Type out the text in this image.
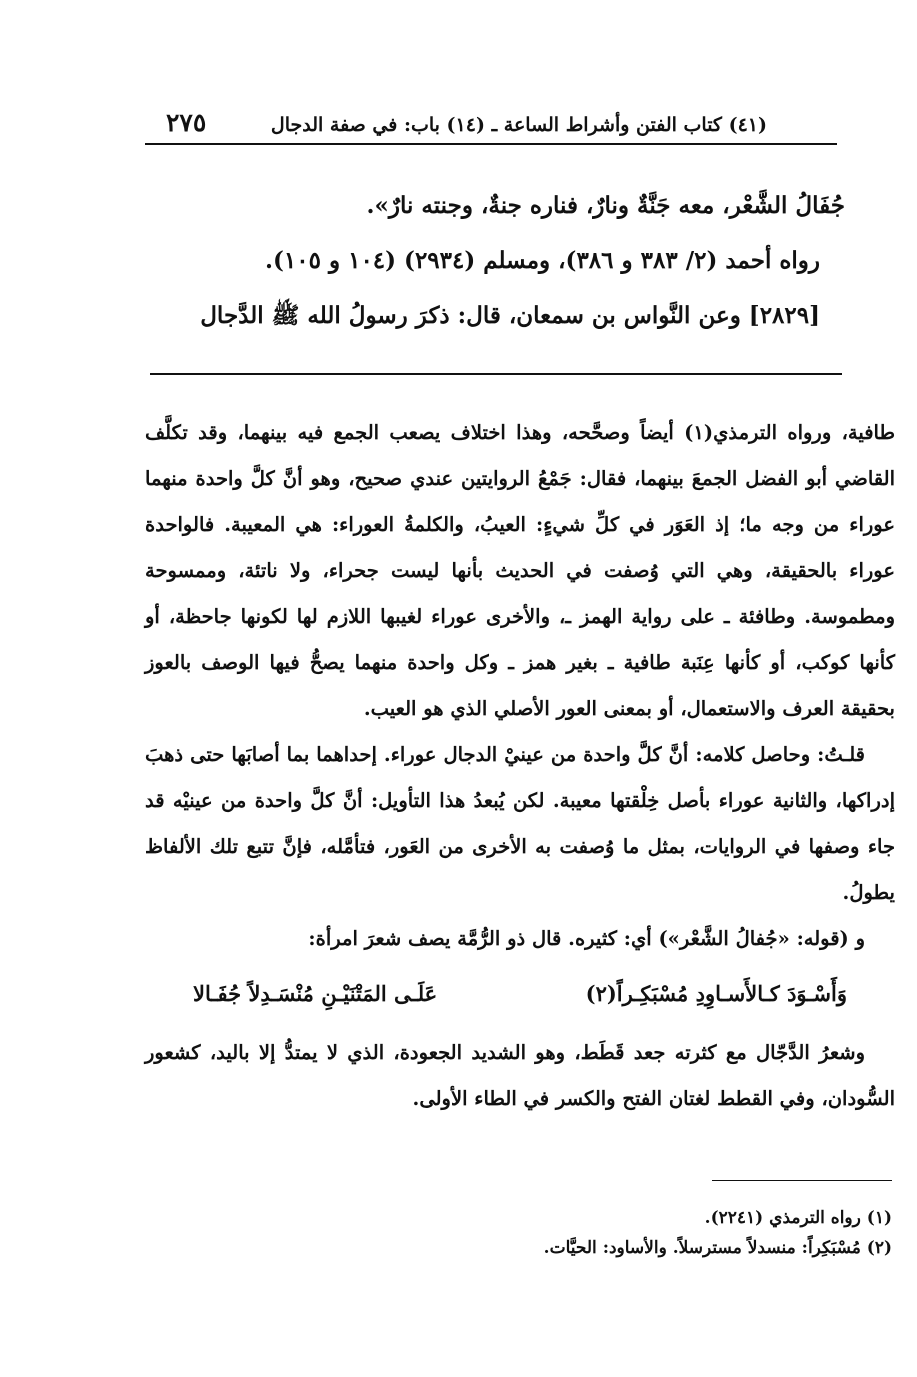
(٤١) كتاب الفتن وأشراط الساعة ـ (١٤) باب: في صفة الدجال
٢٧٥

جُفَالُ الشَّعْر، معه جَنَّةٌ ونارٌ، فناره جنةٌ، وجنته نارٌ».

رواه أحمد (٢/ ٣٨٣ و ٣٨٦)، ومسلم (٢٩٣٤) (١٠٤ و ١٠٥).

[٢٨٢٩] وعن النَّواس بن سمعان، قال: ذكرَ رسولُ الله ﷺ الدَّجال

طافية، ورواه الترمذي(١) أيضاً وصحَّحه، وهذا اختلاف يصعب الجمع فيه بينهما، وقد تكلَّف القاضي أبو الفضل الجمعَ بينهما، فقال: جَمْعُ الروايتين عندي صحيح، وهو أنَّ كلَّ واحدة منهما عوراء من وجه ما؛ إذ العَوَر في كلِّ شيءٍ: العيبُ، والكلمةُ العوراء: هي المعيبة. فالواحدة عوراء بالحقيقة، وهي التي وُصفت في الحديث بأنها ليست جحراء، ولا ناتئة، وممسوحة ومطموسة. وطافئة ـ على رواية الهمز ـ، والأخرى عوراء لغيبها اللازم لها لكونها جاحظة، أو كأنها كوكب، أو كأنها عِنَبة طافية ـ بغير همز ـ وكل واحدة منهما يصحُّ فيها الوصف بالعوز بحقيقة العرف والاستعمال، أو بمعنى العور الأصلي الذي هو العيب.

قلـتُ: وحاصل كلامه: أنَّ كلَّ واحدة من عينيْ الدجال عوراء. إحداهما بما أصابَها حتى ذهبَ إدراكها، والثانية عوراء بأصل خِلْقتها معيبة. لكن يُبعدُ هذا التأويل: أنَّ كلَّ واحدة من عينيْه قد جاء وصفها في الروايات، بمثل ما وُصفت به الأخرى من العَور، فتأمَّله، فإنَّ تتبع تلك الألفاظ يطولُ.

و (قوله: «جُفالُ الشَّعْر») أي: كثيره. قال ذو الرُّمَّة يصف شعرَ امرأة:

وَأَسْـوَدَ كـالأَسـاوِدِ مُسْبَكِـراً(٢)
عَلَـى المَتْنَيْـنِ مُنْسَـدِلاً جُفَـالا

وشعرُ الدَّجّال مع كثرته جعد قَطَط، وهو الشديد الجعودة، الذي لا يمتدُّ إلا باليد، كشعور السُّودان، وفي القطط لغتان الفتح والكسر في الطاء الأولى.

(١) رواه الترمذي (٢٢٤١).

(٢) مُسْبَكِراً: منسدلاً مسترسلاً. والأساود: الحيَّات.
